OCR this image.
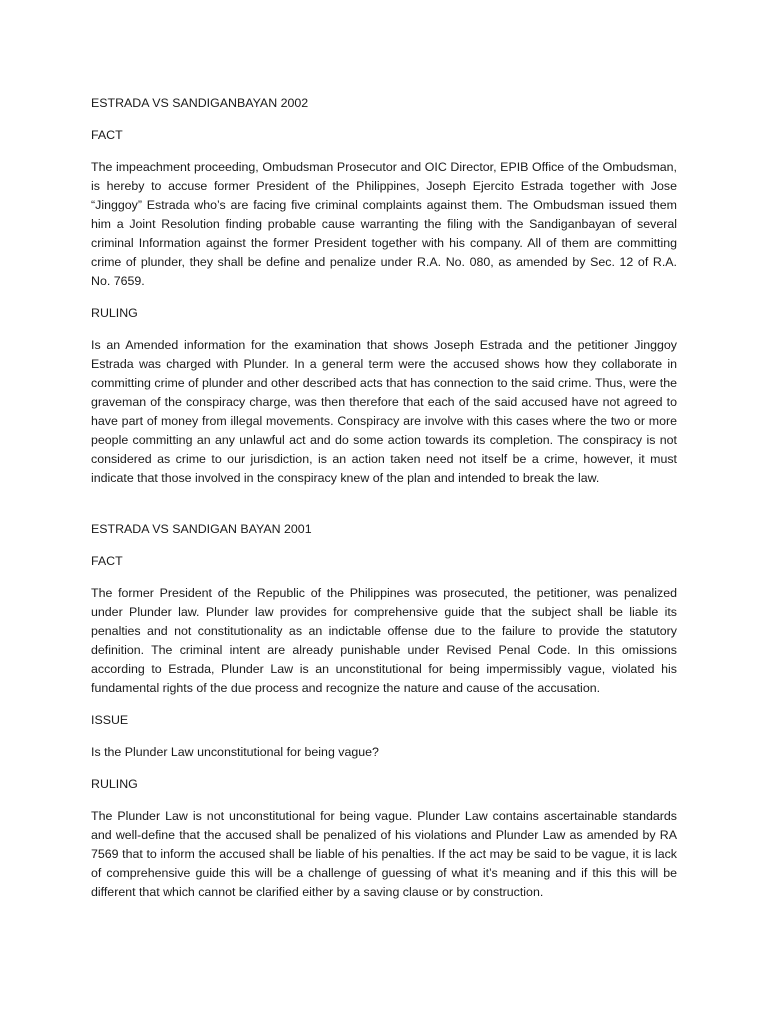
ESTRADA VS SANDIGANBAYAN 2002
FACT
The impeachment proceeding, Ombudsman Prosecutor and OIC Director, EPIB Office of the Ombudsman, is hereby to accuse former President of the Philippines, Joseph Ejercito Estrada together with Jose “Jinggoy” Estrada who’s are facing five criminal complaints against them. The Ombudsman issued them him a Joint Resolution finding probable cause warranting the filing with the Sandiganbayan of several criminal Information against the former President together with his company. All of them are committing crime of plunder, they shall be define and penalize under R.A. No. 080, as amended by Sec. 12 of R.A. No. 7659.
RULING
Is an Amended information for the examination that shows Joseph Estrada and the petitioner Jinggoy Estrada was charged with Plunder. In a general term were the accused shows how they collaborate in committing crime of plunder and other described acts that has connection to the said crime. Thus, were the graveman of the conspiracy charge, was then therefore that each of the said accused have not agreed to have part of money from illegal movements. Conspiracy are involve with this cases where the two or more people committing an any unlawful act and do some action towards its completion. The conspiracy is not considered as crime to our jurisdiction, is an action taken need not itself be a crime, however, it must indicate that those involved in the conspiracy knew of the plan and intended to break the law.
ESTRADA VS SANDIGAN BAYAN 2001
FACT
The former President of the Republic of the Philippines was prosecuted, the petitioner, was penalized under Plunder law. Plunder law provides for comprehensive guide that the subject shall be liable its penalties and not constitutionality as an indictable offense due to the failure to provide the statutory definition. The criminal intent are already punishable under Revised Penal Code. In this omissions according to Estrada, Plunder Law is an unconstitutional for being impermissibly vague, violated his fundamental rights of the due process and recognize the nature and cause of the accusation.
ISSUE
Is the Plunder Law unconstitutional for being vague?
RULING
The Plunder Law is not unconstitutional for being vague. Plunder Law contains ascertainable standards and well-define that the accused shall be penalized of his violations and Plunder Law as amended by RA 7569 that to inform the accused shall be liable of his penalties. If the act may be said to be vague, it is lack of comprehensive guide this will be a challenge of guessing of what it’s meaning and if this this will be different that which cannot be clarified either by a saving clause or by construction.
